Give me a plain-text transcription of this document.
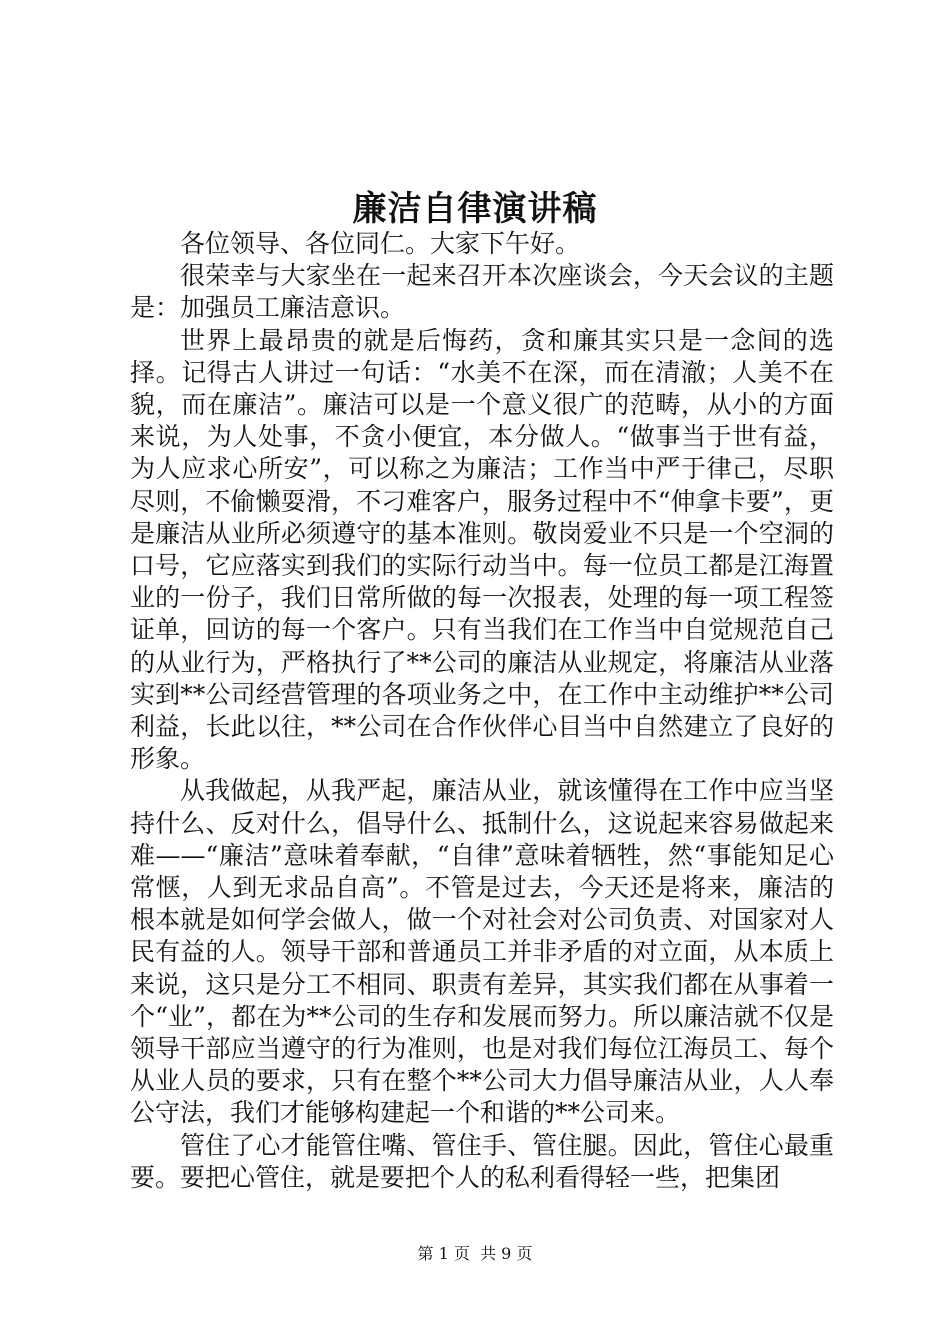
廉洁自律演讲稿

各位领导、各位同仁。大家下午好。

很荣幸与大家坐在一起来召开本次座谈会，今天会议的主题是：加强员工廉洁意识。

世界上最昂贵的就是后悔药，贪和廉其实只是一念间的选择。记得古人讲过一句话：“水美不在深，而在清澈；人美不在貌，而在廉洁”。廉洁可以是一个意义很广的范畴，从小的方面来说，为人处事，不贪小便宜，本分做人。“做事当于世有益，为人应求心所安”，可以称之为廉洁；工作当中严于律己，尽职尽则，不偷懒耍滑，不刁难客户，服务过程中不“伸拿卡要”，更是廉洁从业所必须遵守的基本准则。敬岗爱业不只是一个空洞的口号，它应落实到我们的实际行动当中。每一位员工都是江海置业的一份子，我们日常所做的每一次报表，处理的每一项工程签证单，回访的每一个客户。只有当我们在工作当中自觉规范自己的从业行为，严格执行了**公司的廉洁从业规定，将廉洁从业落实到**公司经营管理的各项业务之中，在工作中主动维护**公司利益，长此以往，**公司在合作伙伴心目当中自然建立了良好的形象。

从我做起，从我严起，廉洁从业，就该懂得在工作中应当坚持什么、反对什么，倡导什么、抵制什么，这说起来容易做起来难——“廉洁”意味着奉献，“自律”意味着牺牲，然“事能知足心常惬，人到无求品自高”。不管是过去，今天还是将来，廉洁的根本就是如何学会做人，做一个对社会对公司负责、对国家对人民有益的人。领导干部和普通员工并非矛盾的对立面，从本质上来说，这只是分工不相同、职责有差异，其实我们都在从事着一个“业”，都在为**公司的生存和发展而努力。所以廉洁就不仅是领导干部应当遵守的行为准则，也是对我们每位江海员工、每个从业人员的要求，只有在整个**公司大力倡导廉洁从业，人人奉公守法，我们才能够构建起一个和谐的**公司来。

管住了心才能管住嘴、管住手、管住腿。因此，管住心最重要。要把心管住，就是要把个人的私利看得轻一些，把集团

第 1 页  共 9 页
